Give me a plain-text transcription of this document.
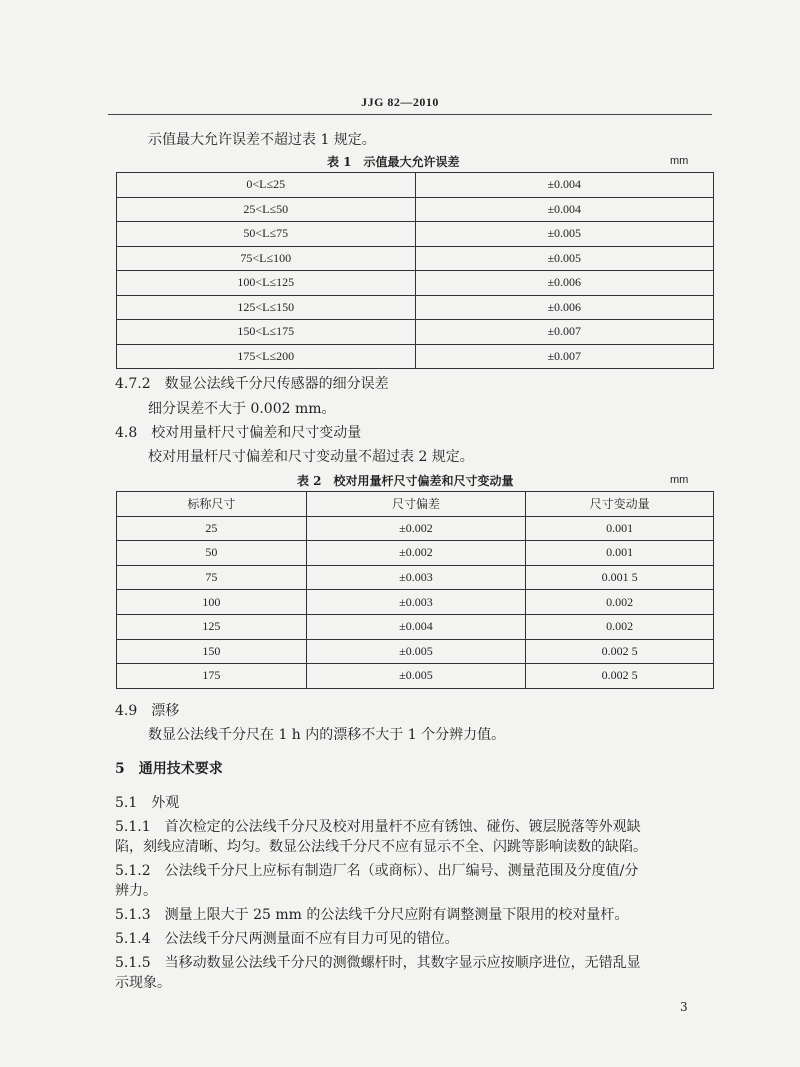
JJG 82—2010
示值最大允许误差不超过表 1 规定。
表 1　示值最大允许误差	mm
0<L≤25	±0.004
25<L≤50	±0.004
50<L≤75	±0.005
75<L≤100	±0.005
100<L≤125	±0.006
125<L≤150	±0.006
150<L≤175	±0.007
175<L≤200	±0.007
4.7.2　数显公法线千分尺传感器的细分误差
细分误差不大于 0.002 mm。
4.8　校对用量杆尺寸偏差和尺寸变动量
校对用量杆尺寸偏差和尺寸变动量不超过表 2 规定。
表 2　校对用量杆尺寸偏差和尺寸变动量	mm
标称尺寸	尺寸偏差	尺寸变动量
25	±0.002	0.001
50	±0.002	0.001
75	±0.003	0.001 5
100	±0.003	0.002
125	±0.004	0.002
150	±0.005	0.002 5
175	±0.005	0.002 5
4.9　漂移
数显公法线千分尺在 1 h 内的漂移不大于 1 个分辨力值。
5　通用技术要求
5.1　外观
5.1.1　首次检定的公法线千分尺及校对用量杆不应有锈蚀、碰伤、镀层脱落等外观缺
陷，刻线应清晰、均匀。数显公法线千分尺不应有显示不全、闪跳等影响读数的缺陷。
5.1.2　公法线千分尺上应标有制造厂名（或商标）、出厂编号、测量范围及分度值/分
辨力。
5.1.3　测量上限大于 25 mm 的公法线千分尺应附有调整测量下限用的校对量杆。
5.1.4　公法线千分尺两测量面不应有目力可见的错位。
5.1.5　当移动数显公法线千分尺的测微螺杆时，其数字显示应按顺序进位，无错乱显
示现象。
3
